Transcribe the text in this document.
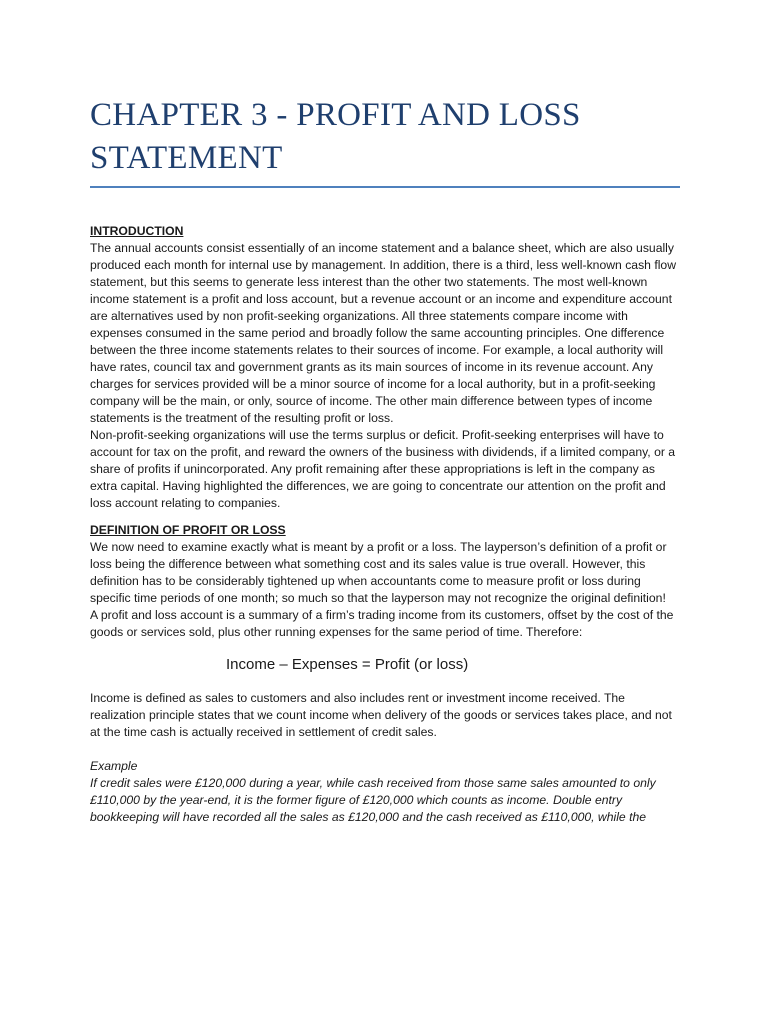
CHAPTER 3 - PROFIT AND LOSS STATEMENT
INTRODUCTION

The annual accounts consist essentially of an income statement and a balance sheet, which are also usually produced each month for internal use by management. In addition, there is a third, less well-known cash flow statement, but this seems to generate less interest than the other two statements. The most well-known income statement is a profit and loss account, but a revenue account or an income and expenditure account are alternatives used by non profit-seeking organizations. All three statements compare income with expenses consumed in the same period and broadly follow the same accounting principles. One difference between the three income statements relates to their sources of income. For example, a local authority will have rates, council tax and government grants as its main sources of income in its revenue account. Any charges for services provided will be a minor source of income for a local authority, but in a profit-seeking company will be the main, or only, source of income. The other main difference between types of income statements is the treatment of the resulting profit or loss.

Non-profit-seeking organizations will use the terms surplus or deficit. Profit-seeking enterprises will have to account for tax on the profit, and reward the owners of the business with dividends, if a limited company, or a share of profits if unincorporated. Any profit remaining after these appropriations is left in the company as extra capital. Having highlighted the differences, we are going to concentrate our attention on the profit and loss account relating to companies.

DEFINITION OF PROFIT OR LOSS

We now need to examine exactly what is meant by a profit or a loss. The layperson’s definition of a profit or loss being the difference between what something cost and its sales value is true overall. However, this definition has to be considerably tightened up when accountants come to measure profit or loss during specific time periods of one month; so much so that the layperson may not recognize the original definition!

A profit and loss account is a summary of a firm’s trading income from its customers, offset by the cost of the goods or services sold, plus other running expenses for the same period of time. Therefore:

Income – Expenses = Profit (or loss)

Income is defined as sales to customers and also includes rent or investment income received. The realization principle states that we count income when delivery of the goods or services takes place, and not at the time cash is actually received in settlement of credit sales.

Example

If credit sales were £120,000 during a year, while cash received from those same sales amounted to only £110,000 by the year-end, it is the former figure of £120,000 which counts as income. Double entry bookkeeping will have recorded all the sales as £120,000 and the cash received as £110,000, while the
